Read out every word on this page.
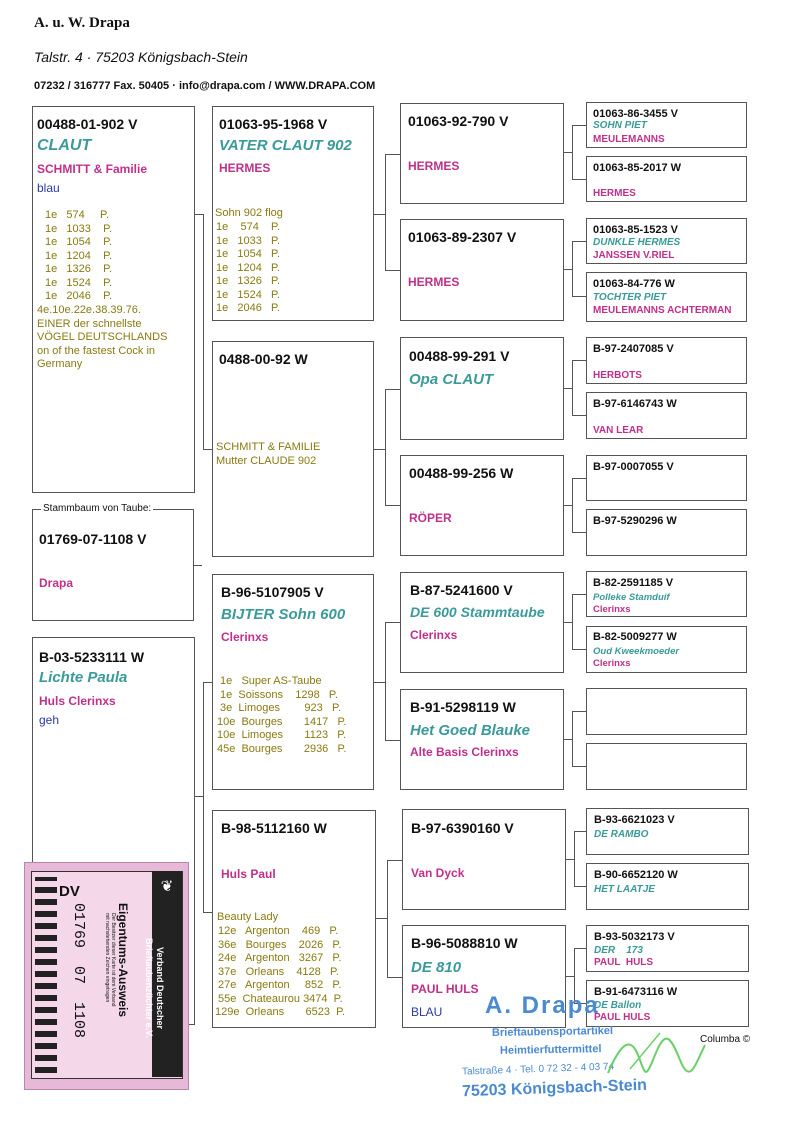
A. u. W. Drapa
Talstr. 4 · 75203 Königsbach-Stein
07232 / 316777 Fax. 50405 · info@drapa.com / WWW.DRAPA.COM
00488-01-902 V
CLAUT
SCHMITT & Familie
blau
1e   574     P.
1e   1033    P.
1e   1054    P.
1e   1204    P.
1e   1326    P.
1e   1524    P.
1e   2046    P.
4e.10e.22e.38.39.76.
EINER der schnellste
VÖGEL DEUTSCHLANDS
on of the fastest Cock in
Germany
Stammbaum von Taube:
01769-07-1108 V
Drapa
B-03-5233111 W
Lichte Paula
Huls Clerinxs
geh
01063-95-1968 V
VATER CLAUT 902
HERMES
Sohn 902 flog
1e    574    P.
1e   1033   P.
1e   1054   P.
1e   1204   P.
1e   1326   P.
1e   1524   P.
1e   2046   P.
0488-00-92 W
SCHMITT & FAMILIE
Mutter CLAUDE 902
B-96-5107905 V
BIJTER Sohn 600
Clerinxs
1e   Super AS-Taube
1e  Soissons    1298   P.
3e  Limoges        923   P.
10e  Bourges       1417   P.
10e  Limoges       1123   P.
45e  Bourges       2936   P.
B-98-5112160 W
Huls Paul
Beauty Lady
12e   Argenton    469   P.
36e   Bourges    2026   P.
24e   Argenton   3267   P.
37e   Orleans    4128   P.
27e   Argenton     852   P.
55e  Chateaurou 3474  P.
129e  Orleans       6523  P.
01063-92-790 V
HERMES
01063-89-2307 V
HERMES
00488-99-291 V
Opa CLAUT
00488-99-256 W
RÖPER
B-87-5241600 V
DE 600 Stammtaube
Clerinxs
B-91-5298119 W
Het Goed Blauke
Alte Basis Clerinxs
B-97-6390160 V
Van Dyck
B-96-5088810 W
DE 810
PAUL HULS
BLAU
01063-86-3455 V
SOHN PIET
MEULEMANNS
01063-85-2017 W
HERMES
01063-85-1523 V
DUNKLE HERMES
JANSSEN V.RIEL
01063-84-776 W
TOCHTER PIET
MEULEMANNS ACHTERMAN
B-97-2407085 V
HERBOTS
B-97-6146743 W
VAN LEAR
B-97-0007055 V
B-97-5290296 W
B-82-2591185 V
Polleke Stamduif
Clerinxs
B-82-5009277 W
Oud Kweekmoeder
Clerinxs
B-93-6621023 V
DE RAMBO
B-90-6652120 W
HET LAATJE
B-93-5032173 V
DER    173
PAUL  HULS
B-91-6473116 W
DE Ballon
PAUL HULS
❦
DV
Verband Deutscher
Brieftaubenzüchter e.V.
Eigentums-Ausweis
Der Besitzer dieser Karte ist dem Verband
mit nachstehenden Zeichen eingetragen
01769  07  1108	A. Drapa
Brieftaubensportartikel
Heimtierfuttermittel
Talstraße 4 · Tel. 0 72 32 - 4 03 74
75203 Königsbach-Stein
Columba ©
